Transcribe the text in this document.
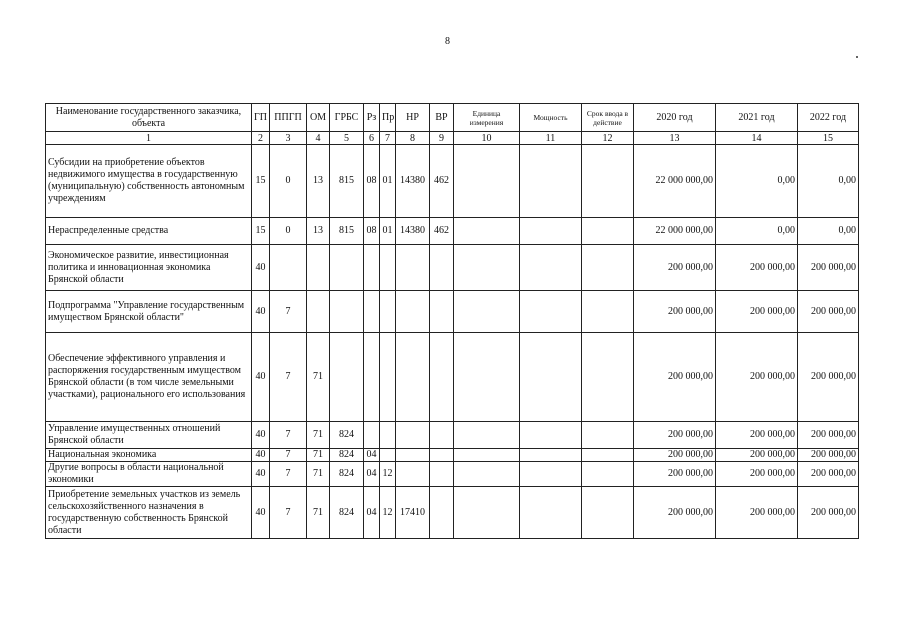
8
Наименование государственного заказчика, объекта	ГП	ППГП	ОМ	ГРБС	Рз	Пр	НР	ВР	Единица измерения	Мощность	Срок ввода в действие	2020 год	2021 год	2022 год
1	2	3	4	5	6	7	8	9	10	11	12	13	14	15
Субсидии на приобретение объектов недвижимого имущества в государственную (муниципальную) собственность автономным учреждениям	15	0	13	815	08	01	14380	462				22 000 000,00	0,00	0,00
Нераспределенные средства	15	0	13	815	08	01	14380	462				22 000 000,00	0,00	0,00
Экономическое развитие, инвестиционная политика и инновационная экономика Брянской области	40											200 000,00	200 000,00	200 000,00
Подпрограмма "Управление государственным имуществом Брянской области"	40	7										200 000,00	200 000,00	200 000,00
Обеспечение эффективного управления и распоряжения государственным имуществом Брянской области (в том числе земельными участками), рационального его использования	40	7	71									200 000,00	200 000,00	200 000,00
Управление имущественных отношений Брянской области	40	7	71	824								200 000,00	200 000,00	200 000,00
Национальная экономика	40	7	71	824	04							200 000,00	200 000,00	200 000,00
Другие вопросы в области национальной экономики	40	7	71	824	04	12						200 000,00	200 000,00	200 000,00
Приобретение земельных участков из земель сельскохозяйственного назначения в государственную собственность Брянской области	40	7	71	824	04	12	17410					200 000,00	200 000,00	200 000,00
